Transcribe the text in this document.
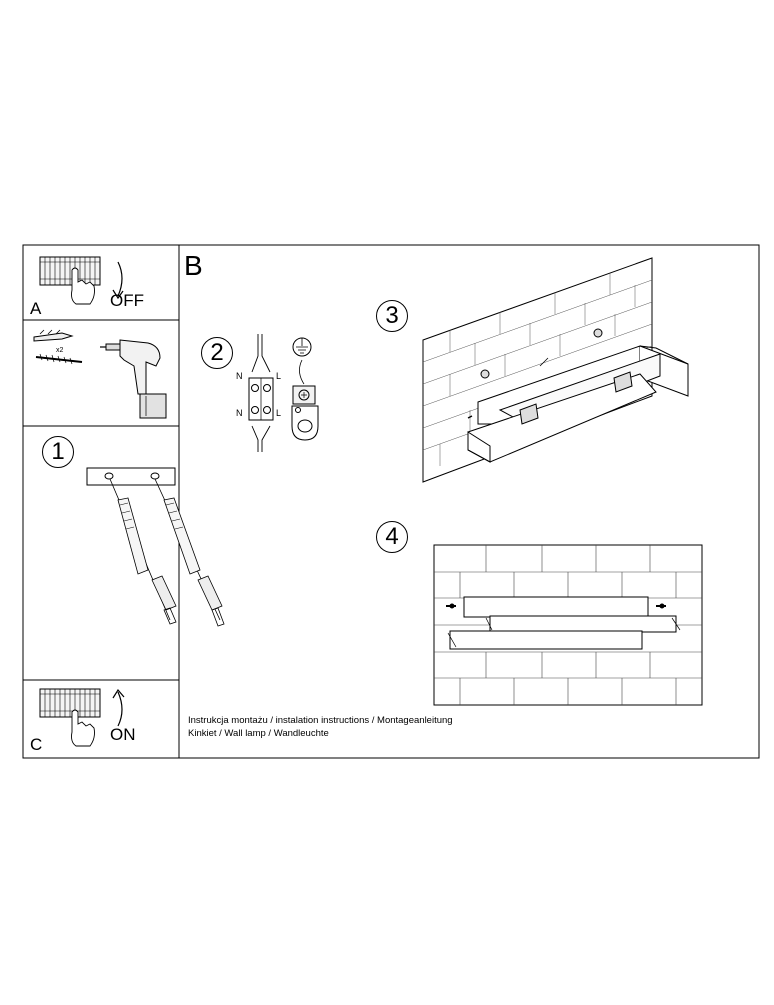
A	OFF
x2
B
C
ON
1
2
3
4
N	L
N	L
Instrukcja montażu / instalation instructions / Montageanleitung
Kinkiet / Wall lamp / Wandleuchte
